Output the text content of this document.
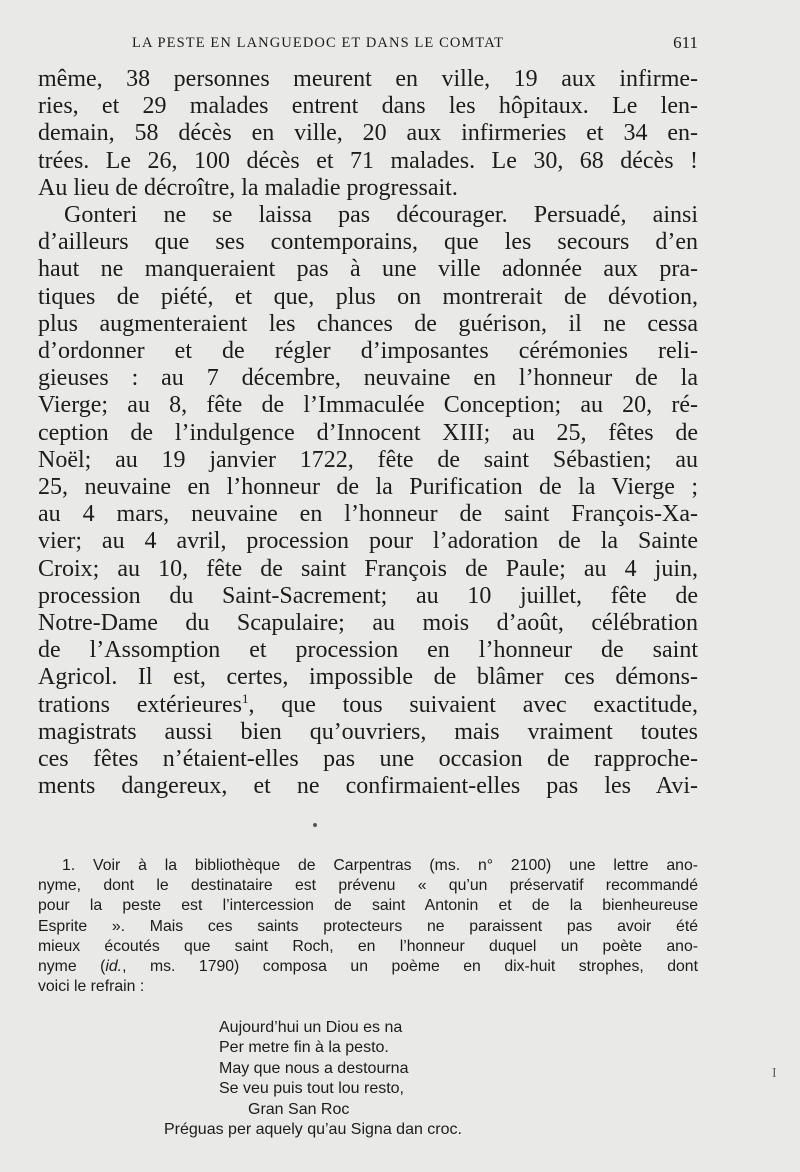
LA PESTE EN LANGUEDOC ET DANS LE COMTAT	611
même, 38 personnes meurent en ville, 19 aux infirme-
ries, et 29 malades entrent dans les hôpitaux. Le len-
demain, 58 décès en ville, 20 aux infirmeries et 34 en-
trées. Le 26, 100 décès et 71 malades. Le 30, 68 décès !
Au lieu de décroître, la maladie progressait.
Gonteri ne se laissa pas décourager. Persuadé, ainsi
d’ailleurs que ses contemporains, que les secours d’en
haut ne manqueraient pas à une ville adonnée aux pra-
tiques de piété, et que, plus on montrerait de dévotion,
plus augmenteraient les chances de guérison, il ne cessa
d’ordonner et de régler d’imposantes cérémonies reli-
gieuses : au 7 décembre, neuvaine en l’honneur de la
Vierge; au 8, fête de l’Immaculée Conception; au 20, ré-
ception de l’indulgence d’Innocent XIII; au 25, fêtes de
Noël; au 19 janvier 1722, fête de saint Sébastien; au
25, neuvaine en l’honneur de la Purification de la Vierge ;
au 4 mars, neuvaine en l’honneur de saint François-Xa-
vier; au 4 avril, procession pour l’adoration de la Sainte
Croix; au 10, fête de saint François de Paule; au 4 juin,
procession du Saint-Sacrement; au 10 juillet, fête de
Notre-Dame du Scapulaire; au mois d’août, célébration
de l’Assomption et procession en l’honneur de saint
Agricol. Il est, certes, impossible de blâmer ces démons-
trations extérieures$^1$, que tous suivaient avec exactitude,
magistrats aussi bien qu’ouvriers, mais vraiment toutes
ces fêtes n’étaient-elles pas une occasion de rapproche-
ments dangereux, et ne confirmaient-elles pas les Avi-
1. Voir à la bibliothèque de Carpentras (ms. n° 2100) une lettre ano-
nyme, dont le destinataire est prévenu « qu’un préservatif recommandé
pour la peste est l’intercession de saint Antonin et de la bienheureuse
Esprite ». Mais ces saints protecteurs ne paraissent pas avoir été
mieux écoutés que saint Roch, en l’honneur duquel un poète ano-
nyme (id., ms. 1790) composa un poème en dix-huit strophes, dont
voici le refrain :
Aujourd’hui un Diou es na
Per metre fin à la pesto.
May que nous a destourna
Se veu puis tout lou resto,
Gran San Roc
Préguas per aquely qu’au Signa dan croc.
I
